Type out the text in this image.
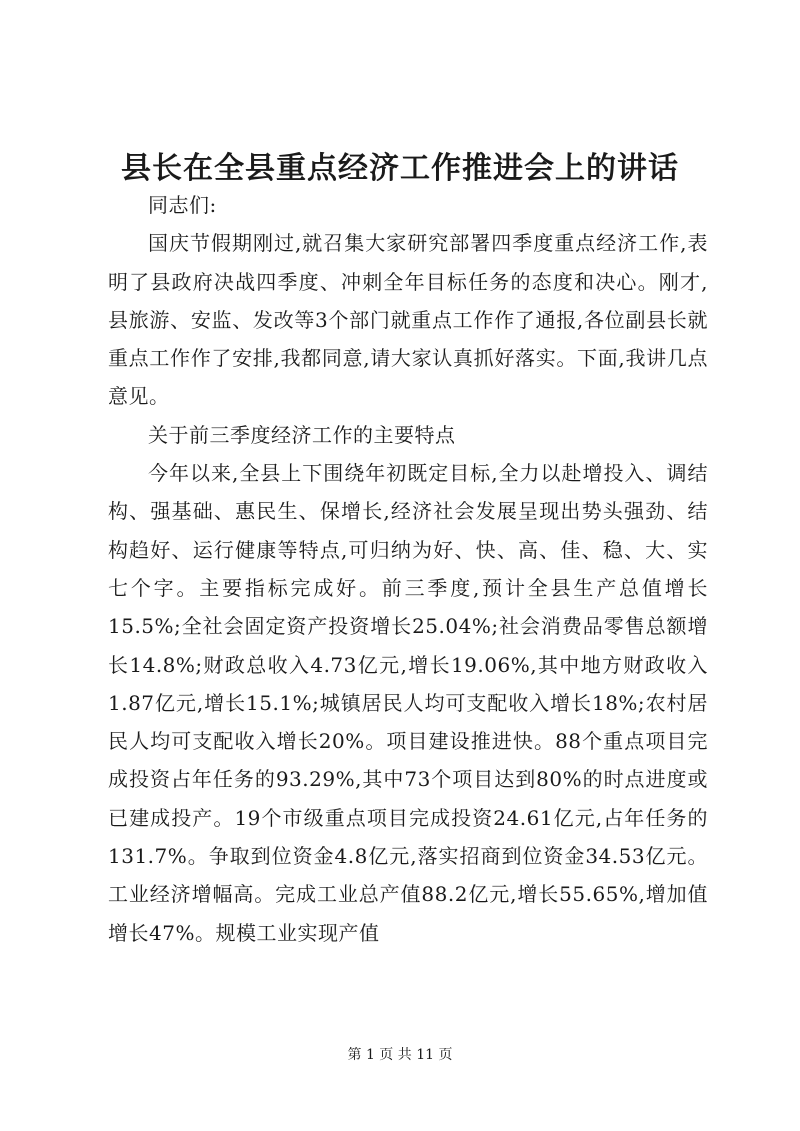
县长在全县重点经济工作推进会上的讲话

同志们:

国庆节假期刚过,就召集大家研究部署四季度重点经济工作,表明了县政府决战四季度、冲刺全年目标任务的态度和决心。刚才,县旅游、安监、发改等3个部门就重点工作作了通报,各位副县长就重点工作作了安排,我都同意,请大家认真抓好落实。下面,我讲几点意见。

关于前三季度经济工作的主要特点

今年以来,全县上下围绕年初既定目标,全力以赴增投入、调结构、强基础、惠民生、保增长,经济社会发展呈现出势头强劲、结构趋好、运行健康等特点,可归纳为好、快、高、佳、稳、大、实七个字。主要指标完成好。前三季度,预计全县生产总值增长15.5%;全社会固定资产投资增长25.04%;社会消费品零售总额增长14.8%;财政总收入4.73亿元,增长19.06%,其中地方财政收入1.87亿元,增长15.1%;城镇居民人均可支配收入增长18%;农村居民人均可支配收入增长20%。项目建设推进快。88个重点项目完成投资占年任务的93.29%,其中73个项目达到80%的时点进度或已建成投产。19个市级重点项目完成投资24.61亿元,占年任务的131.7%。争取到位资金4.8亿元,落实招商到位资金34.53亿元。工业经济增幅高。完成工业总产值88.2亿元,增长55.65%,增加值增长47%。规模工业实现产值

第 1 页 共 11 页
